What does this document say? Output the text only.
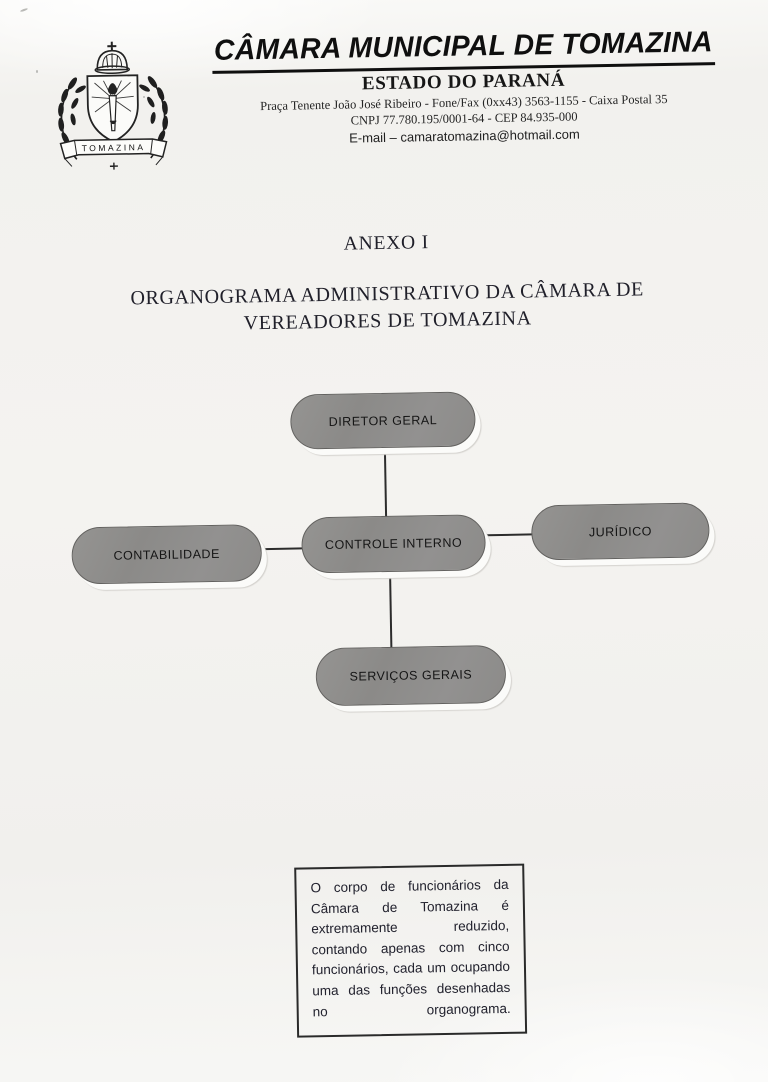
TOMAZINA
CÂMARA MUNICIPAL DE TOMAZINA
ESTADO DO PARANÁ
Praça Tenente João José Ribeiro - Fone/Fax (0xx43) 3563-1155 - Caixa Postal 35
CNPJ 77.780.195/0001-64 - CEP 84.935-000
E-mail – camaratomazina@hotmail.com
ANEXO I
ORGANOGRAMA ADMINISTRATIVO DA CÂMARA DE
VEREADORES DE TOMAZINA
DIRETOR GERAL
CONTABILIDADE
CONTROLE INTERNO
JURÍDICO
SERVIÇOS GERAIS
O corpo de funcionários da Câmara de Tomazina é extremamente reduzido, contando apenas com cinco funcionários, cada um ocupando uma das funções desenhadas no organograma.
